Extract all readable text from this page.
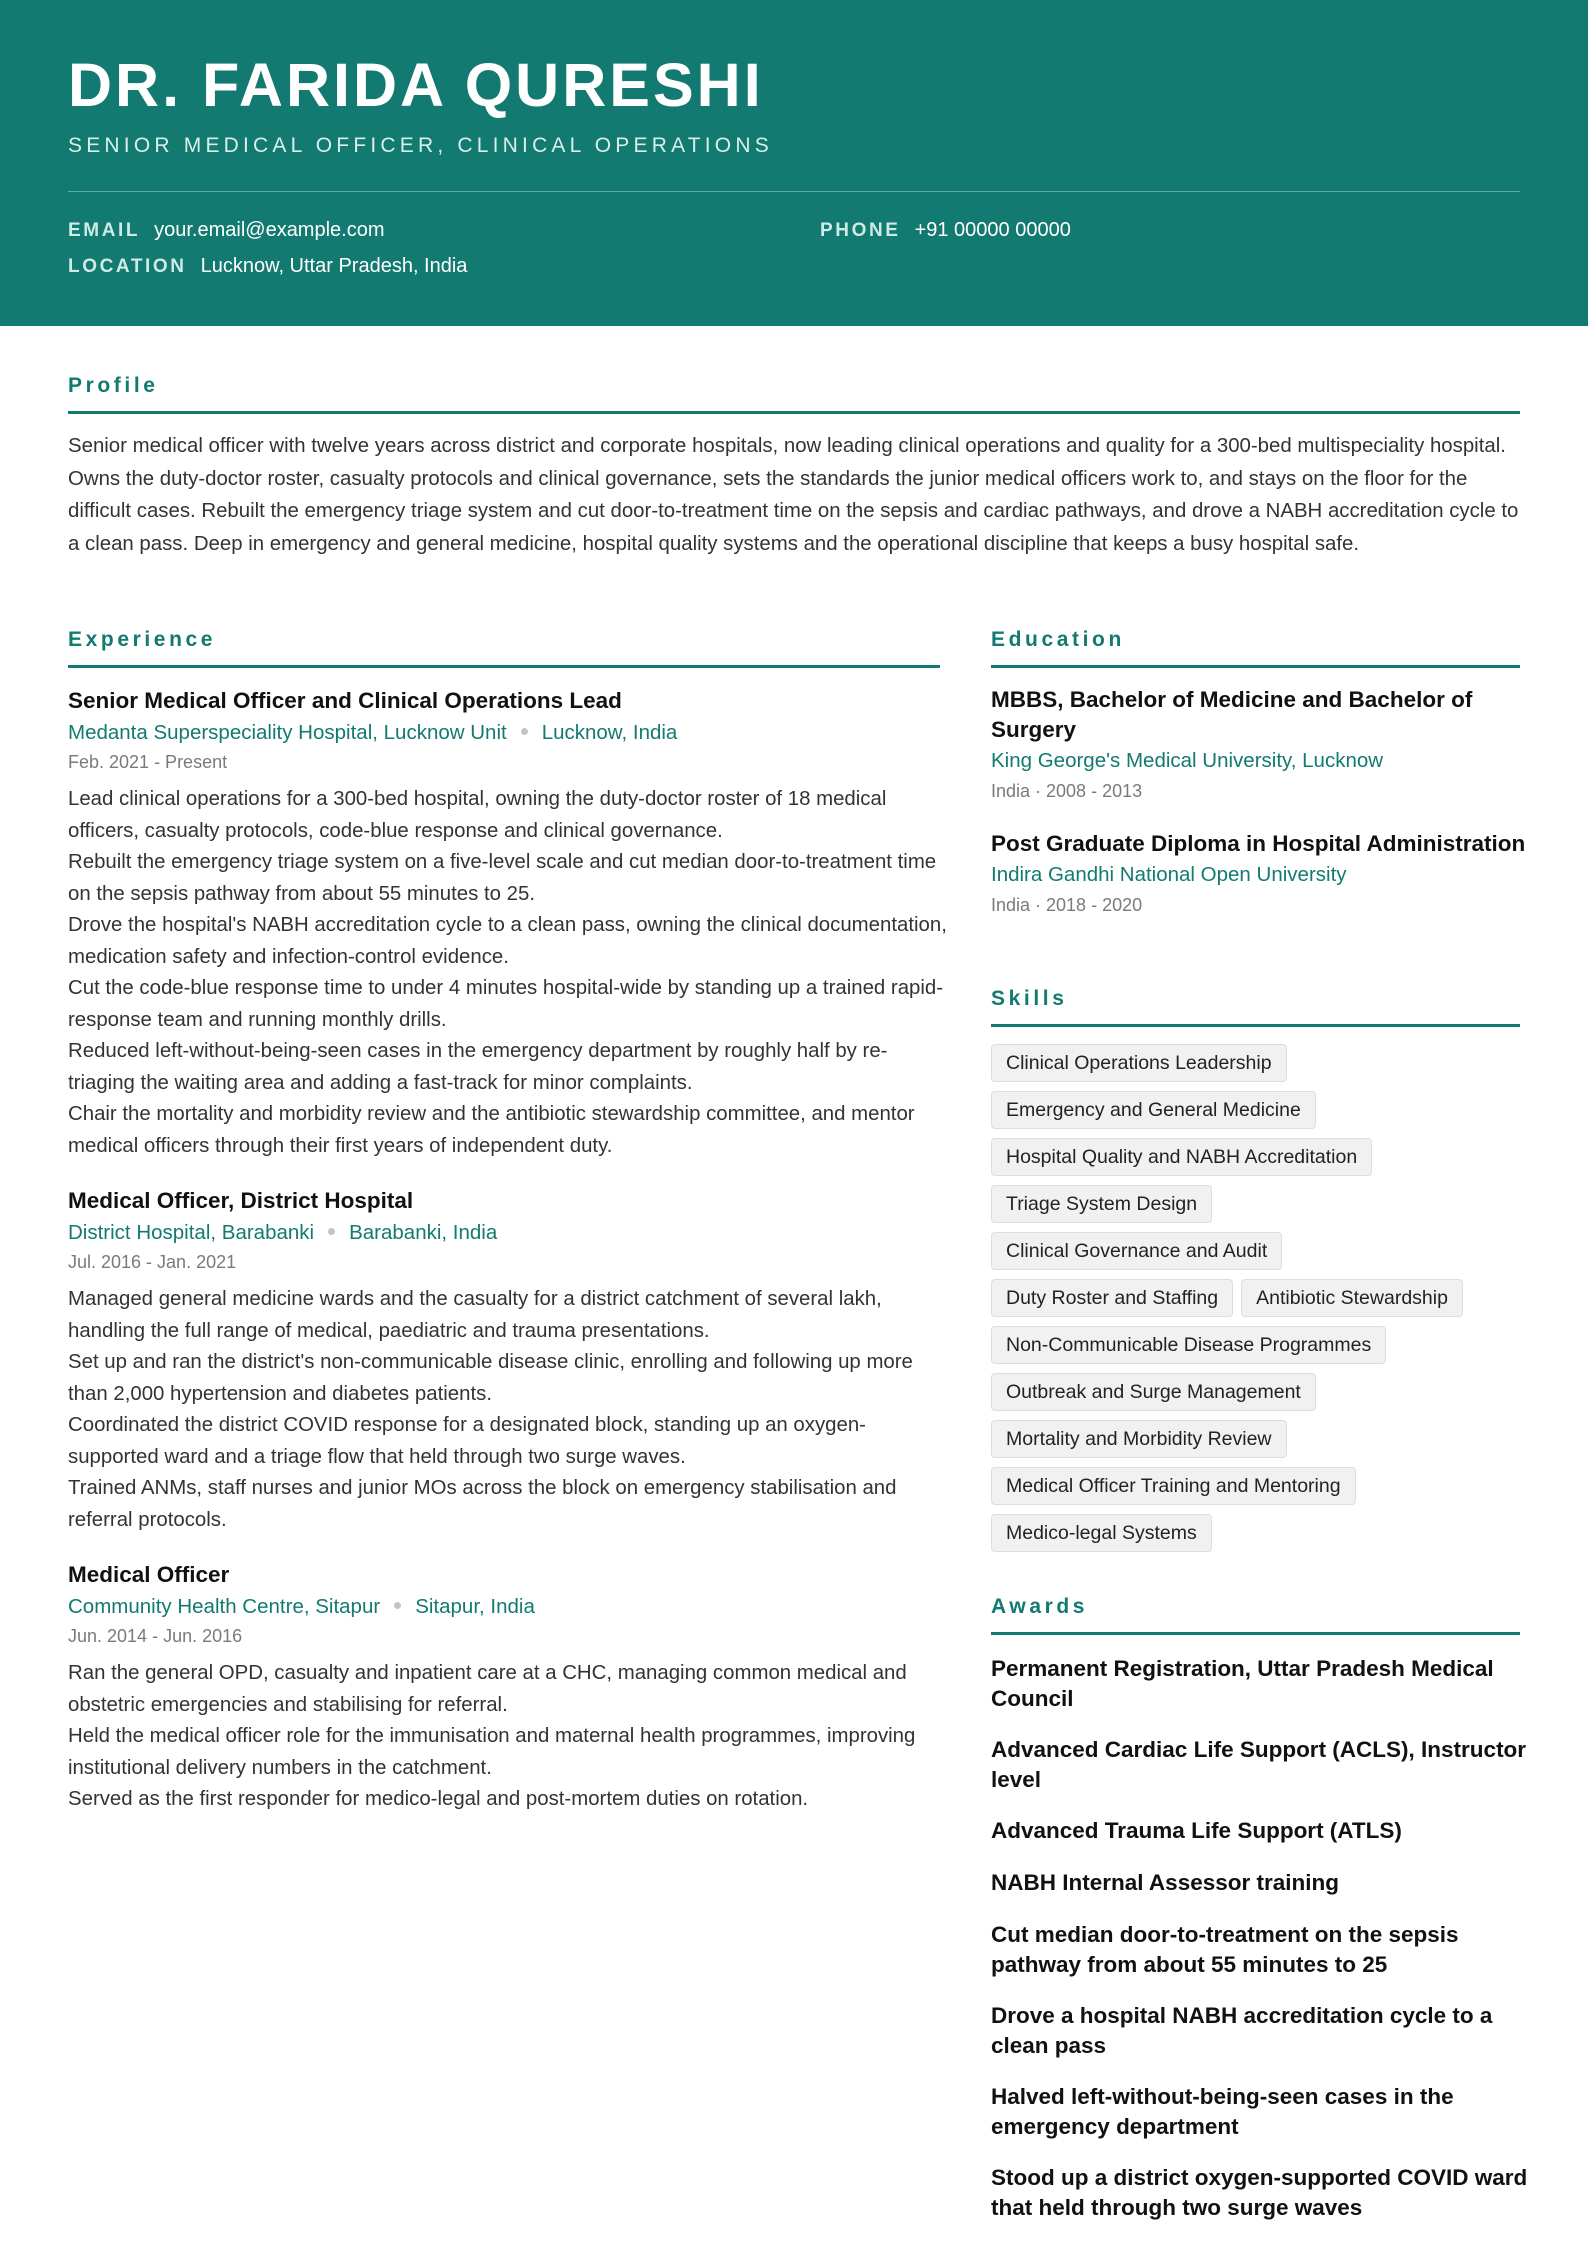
DR. FARIDA QURESHI
SENIOR MEDICAL OFFICER, CLINICAL OPERATIONS
EMAIL your.email@example.com	PHONE +91 00000 00000
LOCATION Lucknow, Uttar Pradesh, India
Profile
Senior medical officer with twelve years across district and corporate hospitals, now leading clinical operations and quality for a 300-bed multispeciality hospital. Owns the duty-doctor roster, casualty protocols and clinical governance, sets the standards the junior medical officers work to, and stays on the floor for the difficult cases. Rebuilt the emergency triage system and cut door-to-treatment time on the sepsis and cardiac pathways, and drove a NABH accreditation cycle to a clean pass. Deep in emergency and general medicine, hospital quality systems and the operational discipline that keeps a busy hospital safe.
Experience
Senior Medical Officer and Clinical Operations Lead
Medanta Superspeciality Hospital, Lucknow Unit Lucknow, India
Feb. 2021 - Present
Lead clinical operations for a 300-bed hospital, owning the duty-doctor roster of 18 medical officers, casualty protocols, code-blue response and clinical governance.
Rebuilt the emergency triage system on a five-level scale and cut median door-to-treatment time on the sepsis pathway from about 55 minutes to 25.
Drove the hospital's NABH accreditation cycle to a clean pass, owning the clinical documentation, medication safety and infection-control evidence.
Cut the code-blue response time to under 4 minutes hospital-wide by standing up a trained rapid-response team and running monthly drills.
Reduced left-without-being-seen cases in the emergency department by roughly half by re-triaging the waiting area and adding a fast-track for minor complaints.
Chair the mortality and morbidity review and the antibiotic stewardship committee, and mentor medical officers through their first years of independent duty.
Medical Officer, District Hospital
District Hospital, Barabanki Barabanki, India
Jul. 2016 - Jan. 2021
Managed general medicine wards and the casualty for a district catchment of several lakh, handling the full range of medical, paediatric and trauma presentations.
Set up and ran the district's non-communicable disease clinic, enrolling and following up more than 2,000 hypertension and diabetes patients.
Coordinated the district COVID response for a designated block, standing up an oxygen-supported ward and a triage flow that held through two surge waves.
Trained ANMs, staff nurses and junior MOs across the block on emergency stabilisation and referral protocols.
Medical Officer
Community Health Centre, Sitapur Sitapur, India
Jun. 2014 - Jun. 2016
Ran the general OPD, casualty and inpatient care at a CHC, managing common medical and obstetric emergencies and stabilising for referral.
Held the medical officer role for the immunisation and maternal health programmes, improving institutional delivery numbers in the catchment.
Served as the first responder for medico-legal and post-mortem duties on rotation.
Education
MBBS, Bachelor of Medicine and Bachelor of Surgery
King George's Medical University, Lucknow
India · 2008 - 2013
Post Graduate Diploma in Hospital Administration
Indira Gandhi National Open University
India · 2018 - 2020
Skills
Clinical Operations Leadership
Emergency and General Medicine
Hospital Quality and NABH Accreditation
Triage System Design
Clinical Governance and Audit
Duty Roster and Staffing	Antibiotic Stewardship
Non-Communicable Disease Programmes
Outbreak and Surge Management
Mortality and Morbidity Review
Medical Officer Training and Mentoring
Medico-legal Systems
Awards
Permanent Registration, Uttar Pradesh Medical Council
Advanced Cardiac Life Support (ACLS), Instructor level
Advanced Trauma Life Support (ATLS)
NABH Internal Assessor training
Cut median door-to-treatment on the sepsis pathway from about 55 minutes to 25
Drove a hospital NABH accreditation cycle to a clean pass
Halved left-without-being-seen cases in the emergency department
Stood up a district oxygen-supported COVID ward that held through two surge waves
